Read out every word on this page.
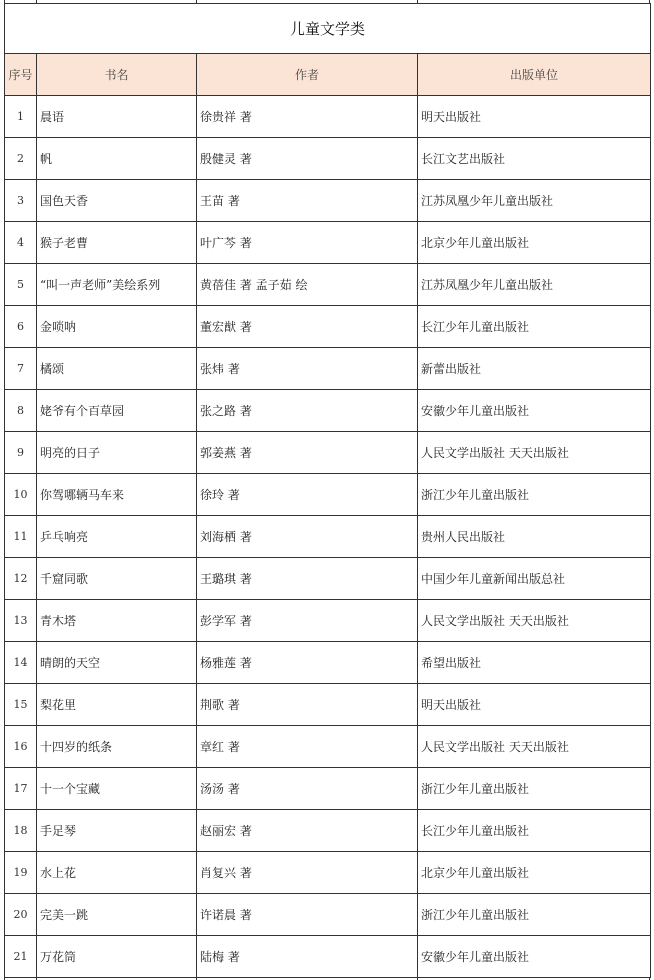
儿童文学类			
序号	书名	作者	出版单位
1	晨语	徐贵祥 著	明天出版社
2	帆	殷健灵 著	长江文艺出版社
3	国色天香	王苗 著	江苏凤凰少年儿童出版社
4	猴子老曹	叶广芩 著	北京少年儿童出版社
5	“叫一声老师”美绘系列	黄蓓佳 著 孟子茹 绘	江苏凤凰少年儿童出版社
6	金唢呐	董宏猷 著	长江少年儿童出版社
7	橘颂	张炜 著	新蕾出版社
8	姥爷有个百草园	张之路 著	安徽少年儿童出版社
9	明亮的日子	郭姜燕 著	人民文学出版社 天天出版社
10	你驾哪辆马车来	徐玲 著	浙江少年儿童出版社
11	乒乓响亮	刘海栖 著	贵州人民出版社
12	千窟同歌	王璐琪 著	中国少年儿童新闻出版总社
13	青木塔	彭学军 著	人民文学出版社 天天出版社
14	晴朗的天空	杨雅莲 著	希望出版社
15	梨花里	荆歌 著	明天出版社
16	十四岁的纸条	章红 著	人民文学出版社 天天出版社
17	十一个宝藏	汤汤 著	浙江少年儿童出版社
18	手足琴	赵丽宏 著	长江少年儿童出版社
19	水上花	肖复兴 著	北京少年儿童出版社
20	完美一跳	许诺晨 著	浙江少年儿童出版社
21	万花筒	陆梅 著	安徽少年儿童出版社
